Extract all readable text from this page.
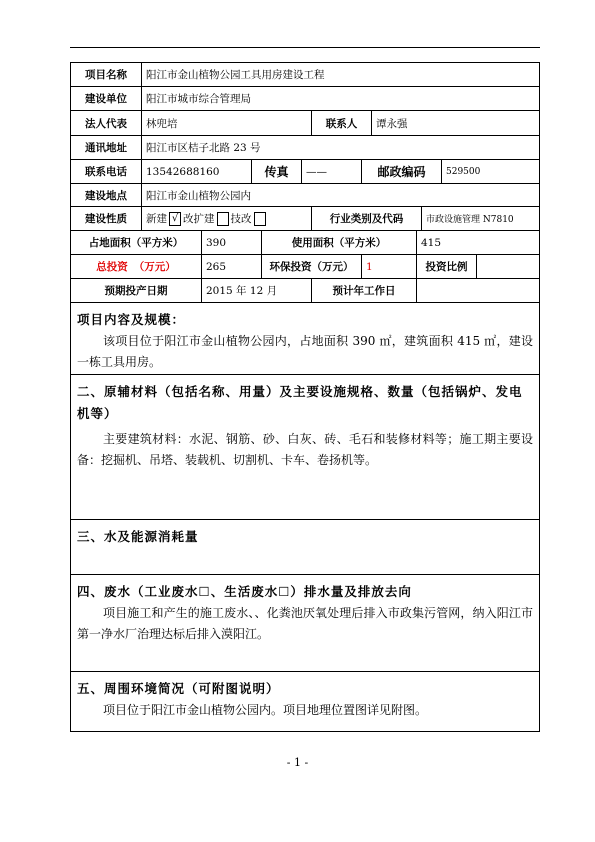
项目名称	阳江市金山植物公园工具用房建设工程
建设单位	阳江市城市综合管理局
法人代表	林兜培	联系人	谭永强
通讯地址	阳江市区桔子北路 23 号
联系电话	13542688160	传真	——	邮政编码	529500
建设地点	阳江市金山植物公园内
建设性质	新建 √ 改扩建 技改	行业类别及代码	市政设施管理 N7810
占地面积（平方米）	390	使用面积（平方米）	415
总投资 （万元）	265	环保投资（万元）	1	投资比例
预期投产日期	2015 年 12 月	预计年工作日
项目内容及规模：
该项目位于阳江市金山植物公园内，占地面积 390 ㎡，建筑面积 415 ㎡，建设一栋工具用房。
二、原辅材料（包括名称、用量）及主要设施规格、数量（包括锅炉、发电机等）
主要建筑材料：水泥、钢筋、砂、白灰、砖、毛石和装修材料等；施工期主要设备：挖掘机、吊塔、装载机、切割机、卡车、卷扬机等。
三、水及能源消耗量
四、废水（工业废水☐、生活废水☐）排水量及排放去向
项目施工和产生的施工废水、、化粪池厌氧处理后排入市政集污管网，纳入阳江市第一净水厂治理达标后排入漠阳江。
五、周围环境简况（可附图说明）
项目位于阳江市金山植物公园内。项目地理位置图详见附图。
- 1 -
